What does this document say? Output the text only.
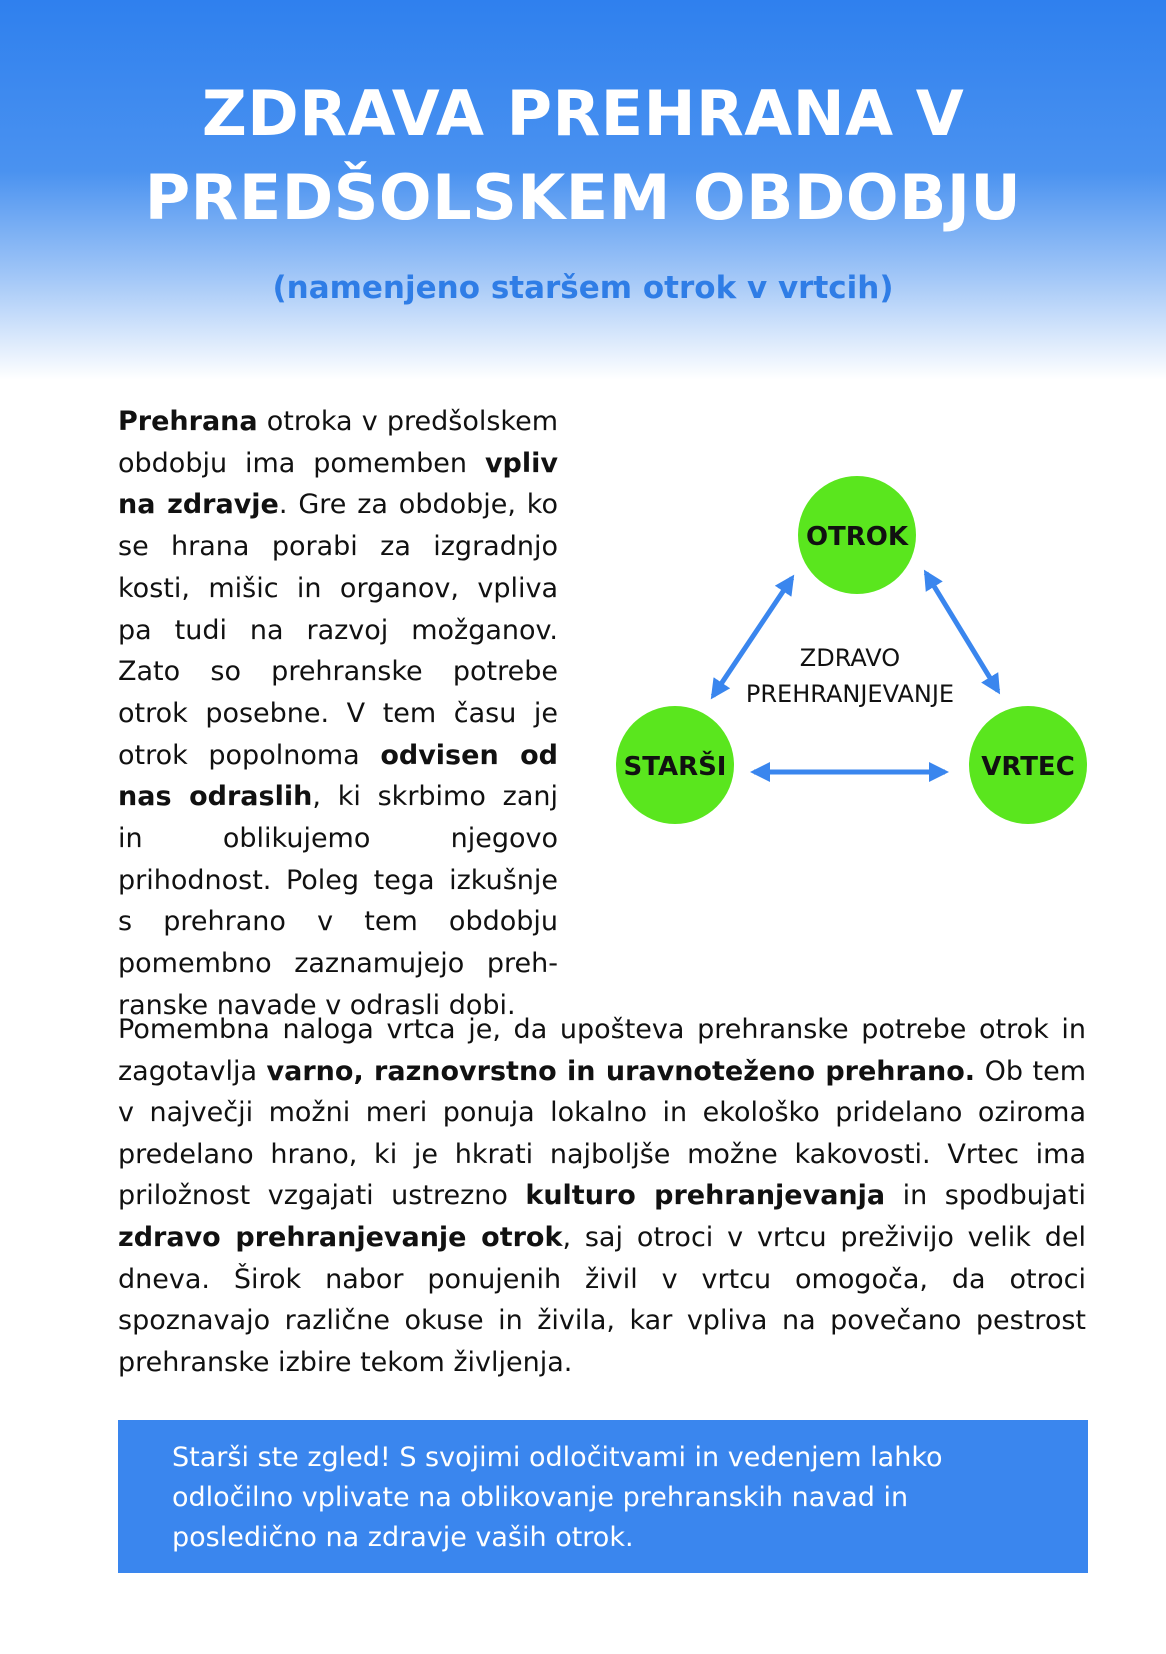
ZDRAVA PREHRANA V
PREDŠOLSKEM OBDOBJU
(namenjeno staršem otrok v vrtcih)
Prehrana otroka v predšolskem obdobju ima pomemben vpliv na zdravje. Gre za obdobje, ko se hrana porabi za izgradnjo kosti, mišic in organov, vpliva pa tudi na razvoj možganov. Zato so prehranske potrebe otrok posebne. V tem času je otrok popolnoma odvisen od nas odraslih, ki skrbimo zanj in oblikujemo njegovo prihodnost. Poleg tega izkušnje s prehrano v tem obdobju pomembno zaznamujejo prehranske navade v odrasli dobi.
OTROK
STARŠI	VRTEC
ZDRAVO
PREHRANJEVANJE
Pomembna naloga vrtca je, da upošteva prehranske potrebe otrok in zagotavlja varno, raznovrstno in uravnoteženo prehrano. Ob tem v največji možni meri ponuja lokalno in ekološko pridelano oziroma predelano hrano, ki je hkrati najboljše možne kakovosti. Vrtec ima priložnost vzgajati ustrezno kulturo prehranjevanja in spodbujati zdravo prehranjevanje otrok, saj otroci v vrtcu preživijo velik del dneva. Širok nabor ponujenih živil v vrtcu omogoča, da otroci spoznavajo različne okuse in živila, kar vpliva na povečano pestrost prehranske izbire tekom življenja.
Starši ste zgled! S svojimi odločitvami in vedenjem lahko odločilno vplivate na oblikovanje prehranskih navad in posledično na zdravje vaših otrok.
